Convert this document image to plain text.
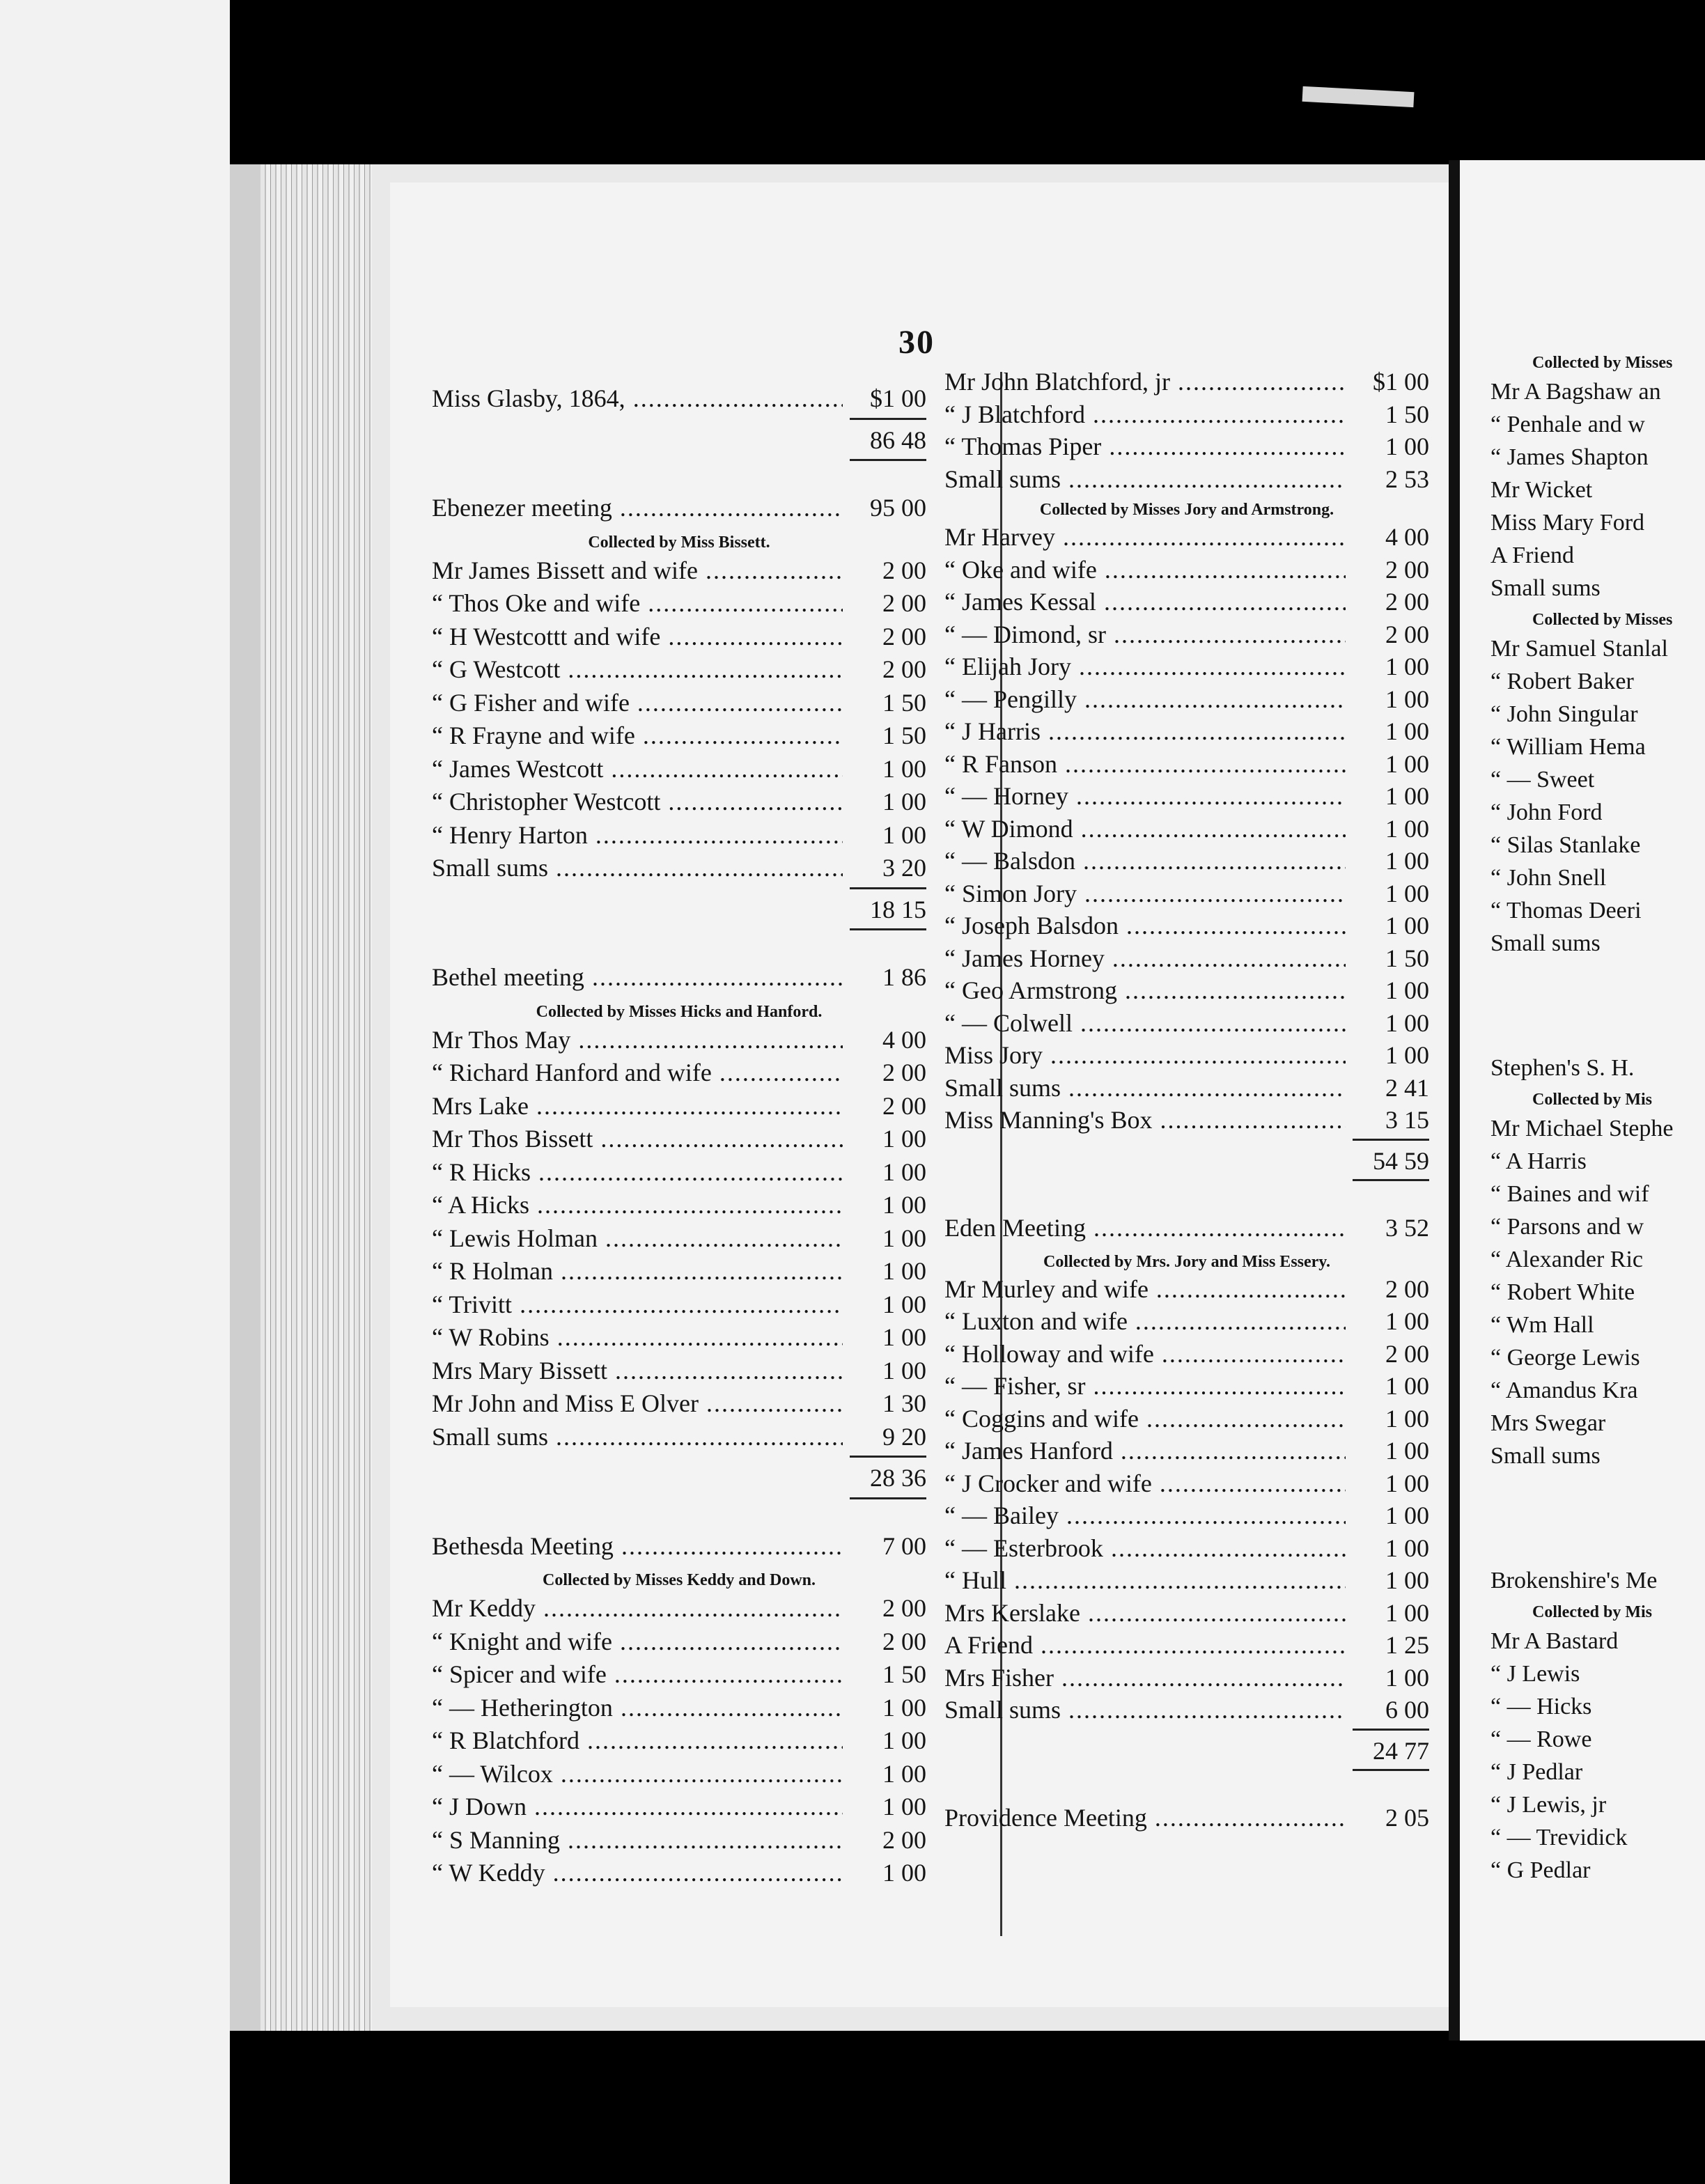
30
Miss Glasby, 1864, .....	$1 00
86 48
Ebenezer meeting .....	95 00
Collected by Miss Bissett.
Mr James Bissett and wife .....	2 00
“ Thos Oke and wife .....	2 00
“ H Westcottt and wife .....	2 00
“ G Westcott .....	2 00
“ G Fisher and wife .....	1 50
“ R Frayne and wife .....	1 50
“ James Westcott .....	1 00
“ Christopher Westcott .....	1 00
“ Henry Harton .....	1 00
Small sums .....	3 20
18 15
Bethel meeting .....	1 86
Collected by Misses Hicks and Hanford.
Mr Thos May .....	4 00
“ Richard Hanford and wife .....	2 00
Mrs Lake .....	2 00
Mr Thos Bissett .....	1 00
“ R Hicks .....	1 00
“ A Hicks .....	1 00
“ Lewis Holman .....	1 00
“ R Holman .....	1 00
“ Trivitt .....	1 00
“ W Robins .....	1 00
Mrs Mary Bissett .....	1 00
Mr John and Miss E Olver .....	1 30
Small sums .....	9 20
28 36
Bethesda Meeting .....	7 00
Collected by Misses Keddy and Down.
Mr Keddy .....	2 00
“ Knight and wife .....	2 00
“ Spicer and wife .....	1 50
“ — Hetherington .....	1 00
“ R Blatchford .....	1 00
“ — Wilcox .....	1 00
“ J Down .....	1 00
“ S Manning .....	2 00
“ W Keddy .....	1 00
Mr John Blatchford, jr .....	$1 00
“ J Blatchford .....	1 50
“ Thomas Piper .....	1 00
Small sums .....	2 53
Collected by Misses Jory and Armstrong.
Mr Harvey .....	4 00
“ Oke and wife .....	2 00
“ James Kessal .....	2 00
“ — Dimond, sr .....	2 00
“ Elijah Jory .....	1 00
“ — Pengilly .....	1 00
“ J Harris .....	1 00
“ R Fanson .....	1 00
“ — Horney .....	1 00
“ W Dimond .....	1 00
“ — Balsdon .....	1 00
“ Simon Jory .....	1 00
“ Joseph Balsdon .....	1 00
“ James Horney .....	1 50
“ Geo Armstrong .....	1 00
“ — Colwell .....	1 00
Miss Jory .....	1 00
Small sums .....	2 41
Miss Manning's Box .....	3 15
54 59
Eden Meeting .....	3 52
Collected by Mrs. Jory and Miss Essery.
Mr Murley and wife .....	2 00
“ Luxton and wife .....	1 00
“ Holloway and wife .....	2 00
“ — Fisher, sr .....	1 00
“ Coggins and wife .....	1 00
“ James Hanford .....	1 00
“ J Crocker and wife .....	1 00
“ — Bailey .....	1 00
“ — Esterbrook .....	1 00
“ Hull .....	1 00
Mrs Kerslake .....	1 00
A Friend .....	1 25
Mrs Fisher .....	1 00
Small sums .....	6 00
24 77
Providence Meeting .....	2 05
Collected by Misses
Mr A Bagshaw an
“ Penhale and w
“ James Shapton
Mr Wicket
Miss Mary Ford
A Friend
Small sums
Collected by Misses
Mr Samuel Stanlal
“ Robert Baker
“ John Singular
“ William Hema
“ — Sweet
“ John Ford
“ Silas Stanlake
“ John Snell
“ Thomas Deeri
Small sums
Stephen's S. H.
Collected by Mis
Mr Michael Stephe
“ A Harris
“ Baines and wif
“ Parsons and w
“ Alexander Ric
“ Robert White
“ Wm Hall
“ George Lewis
“ Amandus Kra
Mrs Swegar
Small sums
Brokenshire's Me
Collected by Mis
Mr A Bastard
“ J Lewis
“ — Hicks
“ — Rowe
“ J Pedlar
“ J Lewis, jr
“ — Trevidick
“ G Pedlar
